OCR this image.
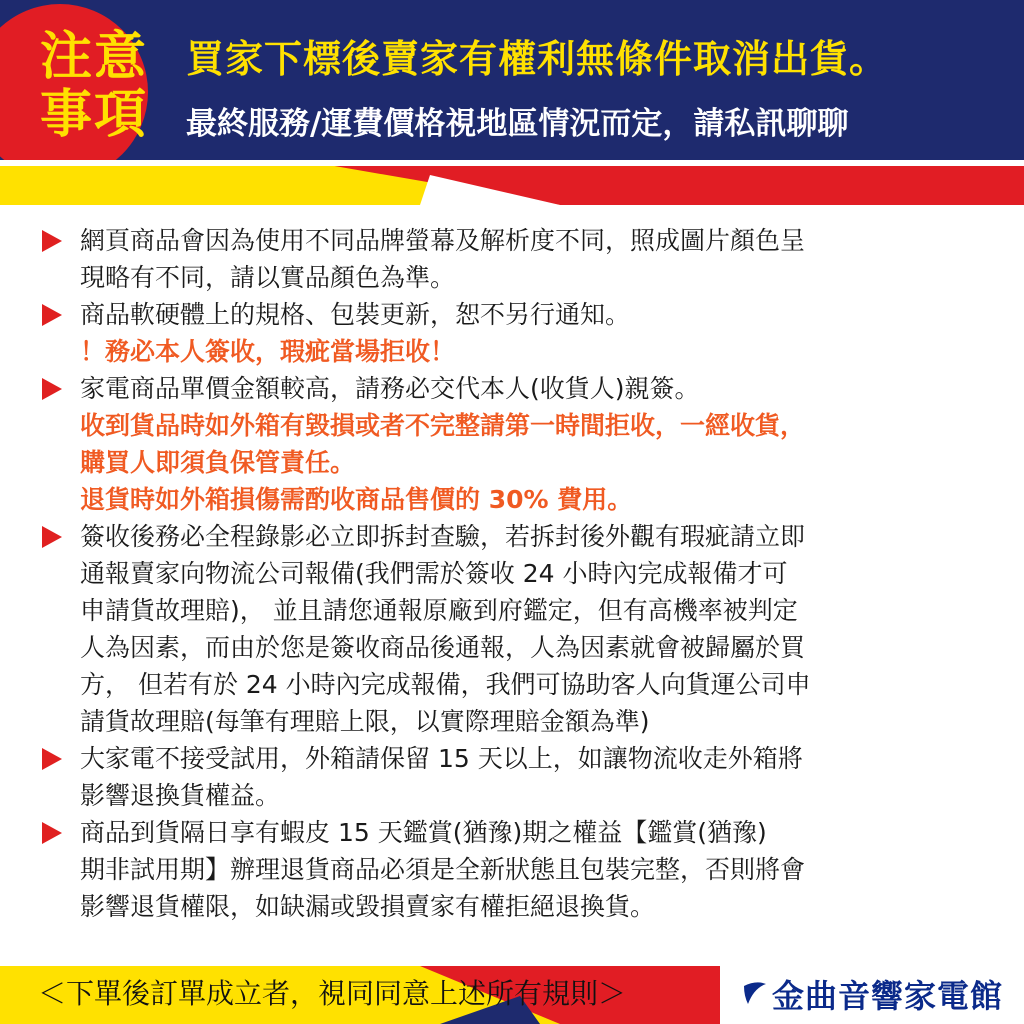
注意
事項
買家下標後賣家有權利無條件取消出貨。
最終服務/運費價格視地區情況而定，請私訊聊聊
網頁商品會因為使用不同品牌螢幕及解析度不同，照成圖片顏色呈
現略有不同，請以實品顏色為準。
商品軟硬體上的規格、包裝更新，恕不另行通知。
！務必本人簽收，瑕疵當場拒收！
家電商品單價金額較高，請務必交代本人(收貨人)親簽。
收到貨品時如外箱有毀損或者不完整請第一時間拒收，一經收貨，
購買人即須負保管責任。
退貨時如外箱損傷需酌收商品售價的 30% 費用。
簽收後務必全程錄影必立即拆封查驗，若拆封後外觀有瑕疵請立即
通報賣家向物流公司報備(我們需於簽收 24 小時內完成報備才可
申請貨故理賠)， 並且請您通報原廠到府鑑定，但有高機率被判定
人為因素，而由於您是簽收商品後通報，人為因素就會被歸屬於買
方， 但若有於 24 小時內完成報備，我們可協助客人向貨運公司申
請貨故理賠(每筆有理賠上限，以實際理賠金額為準)
大家電不接受試用，外箱請保留 15 天以上，如讓物流收走外箱將
影響退換貨權益。
商品到貨隔日享有蝦皮 15 天鑑賞(猶豫)期之權益【鑑賞(猶豫)
期非試用期】辦理退貨商品必須是全新狀態且包裝完整，否則將會
影響退貨權限，如缺漏或毀損賣家有權拒絕退換貨。
＜下單後訂單成立者，視同同意上述所有規則＞	金曲音響家電館
